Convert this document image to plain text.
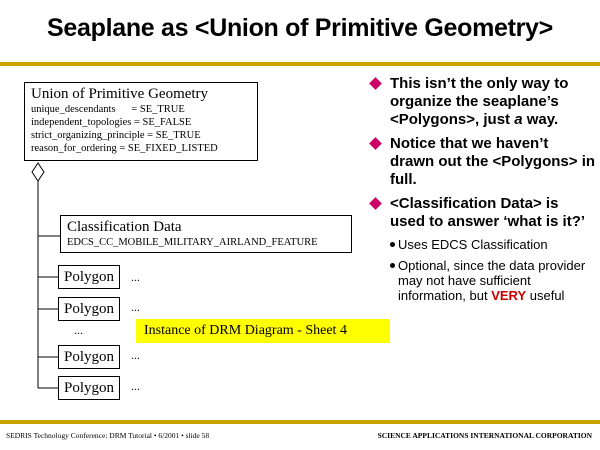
Seaplane as <Union of Primitive Geometry>
Union of Primitive Geometry
unique_descendants      = SE_TRUE
independent_topologies = SE_FALSE
strict_organizing_principle = SE_TRUE
reason_for_ordering = SE_FIXED_LISTED
Classification Data
EDCS_CC_MOBILE_MILITARY_AIRLAND_FEATURE
Polygon	...
Polygon	...
...	Instance of DRM Diagram - Sheet 4
Polygon	...
Polygon	...
This isn’t the only way to organize the seaplane’s <Polygons>, just a way.
Notice that we haven’t drawn out the <Polygons> in full.
<Classification Data> is used to answer ‘what is it?’
Uses EDCS Classification
Optional, since the data provider may not have sufficient information, but VERY useful
SEDRIS Technology Conference: DRM Tutorial • 6/2001 • slide 58	SCIENCE APPLICATIONS INTERNATIONAL CORPORATION
